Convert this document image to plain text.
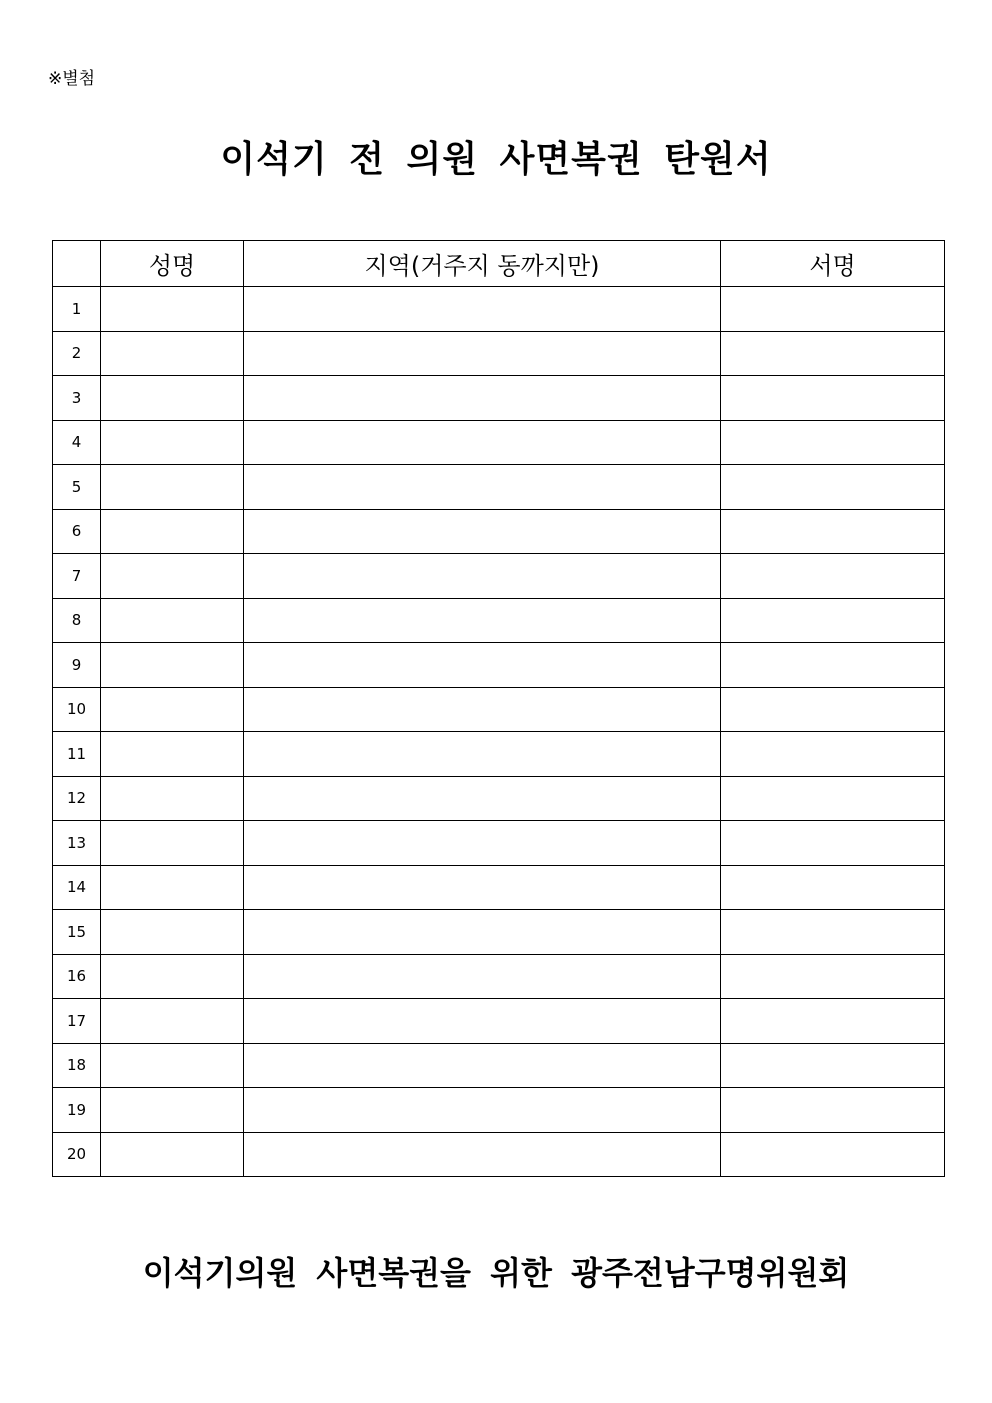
※별첨
이석기 전 의원 사면복권 탄원서
	성명	지역(거주지 동까지만)	서명
1			
2			
3			
4			
5			
6			
7			
8			
9			
10			
11			
12			
13			
14			
15			
16			
17			
18			
19			
20			
이석기의원 사면복권을 위한 광주전남구명위원회
